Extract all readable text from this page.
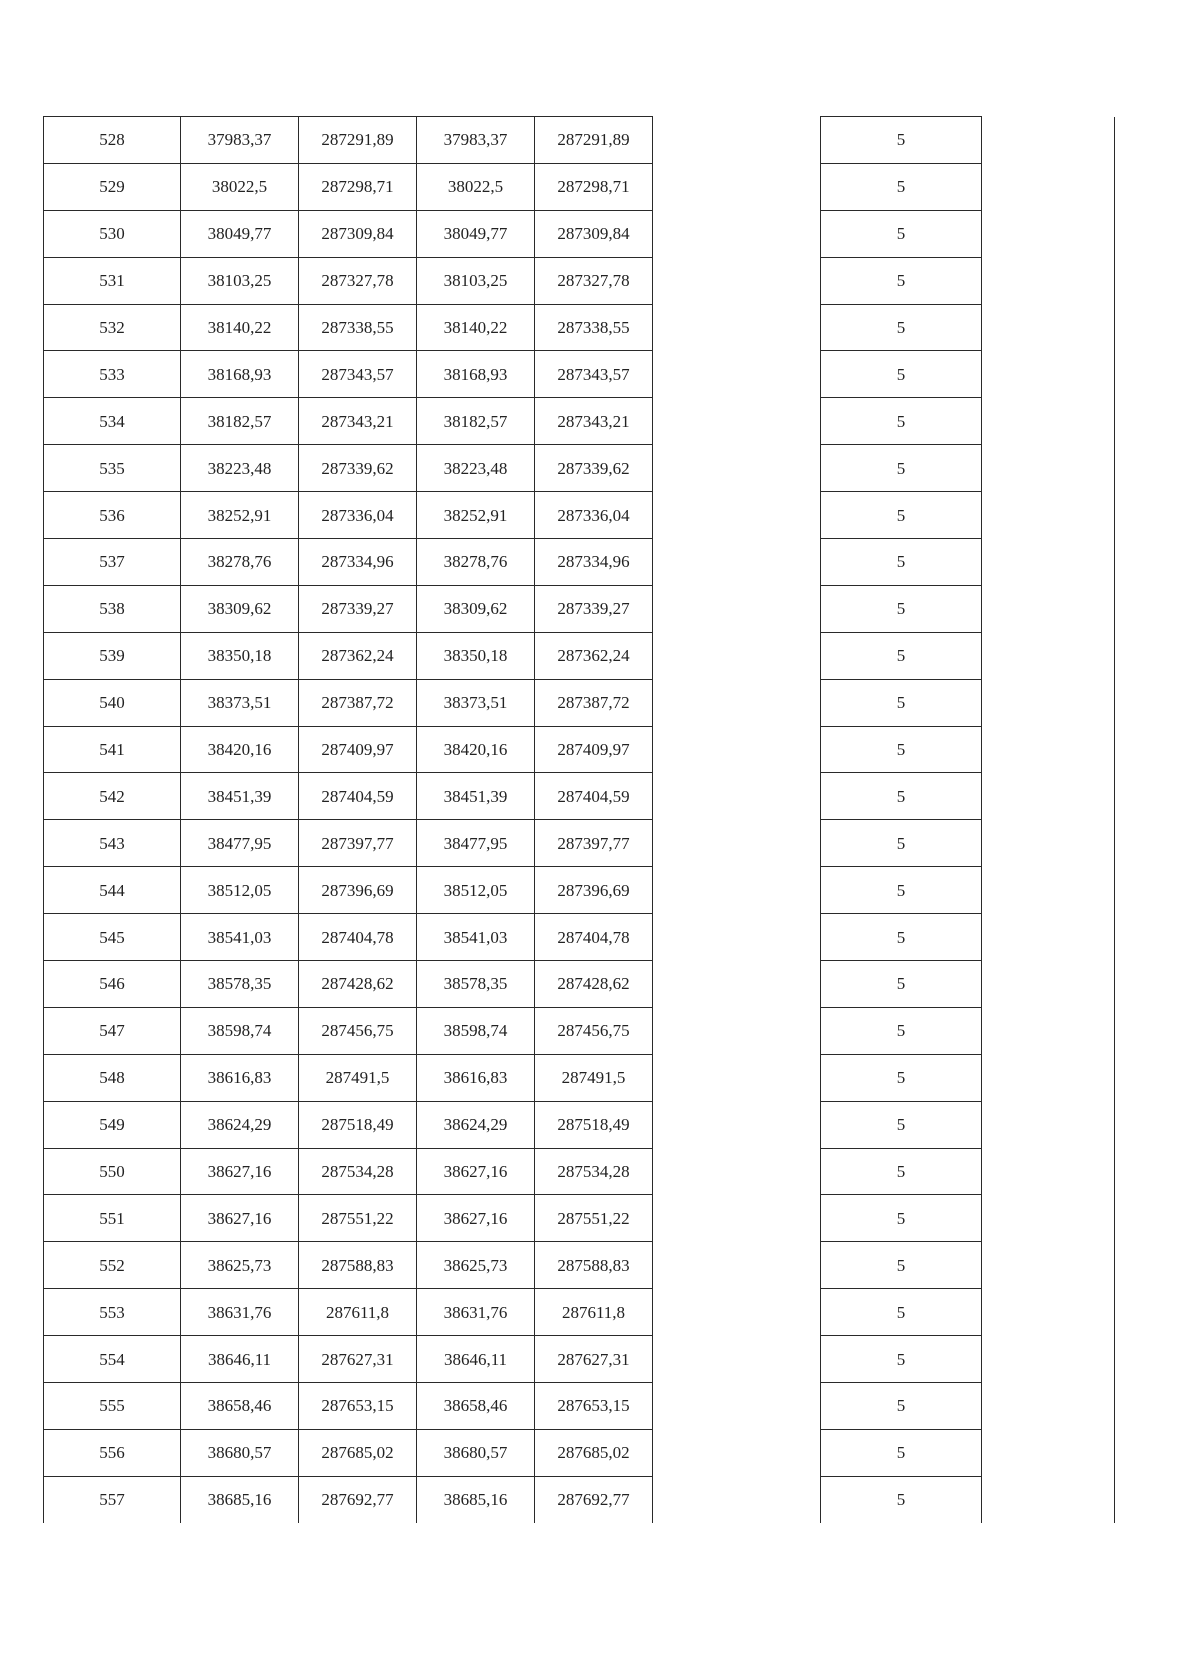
528	37983,37	287291,89	37983,37	287291,89		5	
529	38022,5	287298,71	38022,5	287298,71		5	
530	38049,77	287309,84	38049,77	287309,84		5	
531	38103,25	287327,78	38103,25	287327,78		5	
532	38140,22	287338,55	38140,22	287338,55		5	
533	38168,93	287343,57	38168,93	287343,57		5	
534	38182,57	287343,21	38182,57	287343,21		5	
535	38223,48	287339,62	38223,48	287339,62		5	
536	38252,91	287336,04	38252,91	287336,04		5	
537	38278,76	287334,96	38278,76	287334,96		5	
538	38309,62	287339,27	38309,62	287339,27		5	
539	38350,18	287362,24	38350,18	287362,24		5	
540	38373,51	287387,72	38373,51	287387,72		5	
541	38420,16	287409,97	38420,16	287409,97		5	
542	38451,39	287404,59	38451,39	287404,59		5	
543	38477,95	287397,77	38477,95	287397,77		5	
544	38512,05	287396,69	38512,05	287396,69		5	
545	38541,03	287404,78	38541,03	287404,78		5	
546	38578,35	287428,62	38578,35	287428,62		5	
547	38598,74	287456,75	38598,74	287456,75		5	
548	38616,83	287491,5	38616,83	287491,5		5	
549	38624,29	287518,49	38624,29	287518,49		5	
550	38627,16	287534,28	38627,16	287534,28		5	
551	38627,16	287551,22	38627,16	287551,22		5	
552	38625,73	287588,83	38625,73	287588,83		5	
553	38631,76	287611,8	38631,76	287611,8		5	
554	38646,11	287627,31	38646,11	287627,31		5	
555	38658,46	287653,15	38658,46	287653,15		5	
556	38680,57	287685,02	38680,57	287685,02		5	
557	38685,16	287692,77	38685,16	287692,77		5	
